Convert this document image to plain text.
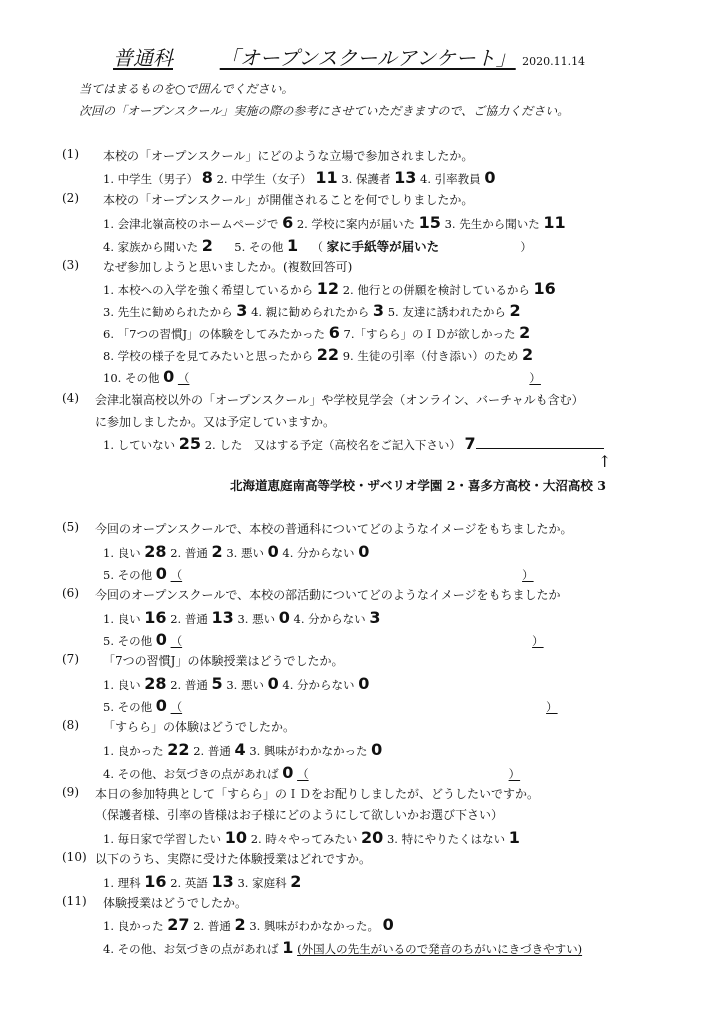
普通科 「オープンスクールアンケート」 2020.11.14
当てはまるものを○で囲んでください。
次回の「オープンスクール」実施の際の参考にさせていただきますので、ご協力ください。
(1) 本校の「オープンスクール」にどのような立場で参加されましたか。
1. 中学生（男子） 8 2. 中学生（女子） 11 3. 保護者 13 4. 引率教員 0
(2) 本校の「オープンスクール」が開催されることを何でしりましたか。
1. 会津北嶺高校のホームページで 6 2. 学校に案内が届いた 15 3. 先生から聞いた 11
4. 家族から聞いた 2 5. その他 1 （ 家に手紙等が届いた	）
(3) なぜ参加しようと思いましたか。(複数回答可)
1. 本校への入学を強く希望しているから 12 2. 他行との併願を検討しているから 16
3. 先生に勧められたから 3 4. 親に勧められたから 3 5. 友達に誘われたから 2
6. 「7つの習慣J」の体験をしてみたかった 6 7.「すらら」のＩＤが欲しかった 2
8. 学校の様子を見てみたいと思ったから 22 9. 生徒の引率（付き添い）のため 2
10. その他 0 （	）
(4) 会津北嶺高校以外の「オープンスクール」や学校見学会（オンライン、バーチャルも含む）
に参加しましたか。又は予定していますか。
1. していない 25 2. した　又はする予定（高校名をご記入下さい） 7
↑
北海道恵庭南高等学校・ザベリオ学園 2・喜多方高校・大沼高校 3
(5) 今回のオープンスクールで、本校の普通科についてどのようなイメージをもちましたか。
1. 良い 28 2. 普通 2 3. 悪い 0 4. 分からない 0
5. その他 0 （	）
(6) 今回のオープンスクールで、本校の部活動についてどのようなイメージをもちましたか
1. 良い 16 2. 普通 13 3. 悪い 0 4. 分からない 3
5. その他 0 （	）
(7) 「7つの習慣J」の体験授業はどうでしたか。
1. 良い 28 2. 普通 5 3. 悪い 0 4. 分からない 0
5. その他 0 （	）
(8) 「すらら」の体験はどうでしたか。
1. 良かった 22 2. 普通 4 3. 興味がわかなかった 0
4. その他、お気づきの点があれば 0 （	）
(9) 本日の参加特典として「すらら」のＩＤをお配りしましたが、どうしたいですか。
（保護者様、引率の皆様はお子様にどのようにして欲しいかお選び下さい）
1. 毎日家で学習したい 10 2. 時々やってみたい 20 3. 特にやりたくはない 1
(10) 以下のうち、実際に受けた体験授業はどれですか。
1. 理科 16 2. 英語 13 3. 家庭科 2
(11) 体験授業はどうでしたか。
1. 良かった 27 2. 普通 2 3. 興味がわかなかった。 0
4. その他、お気づきの点があれば 1 (外国人の先生がいるので発音のちがいにきづきやすい)
